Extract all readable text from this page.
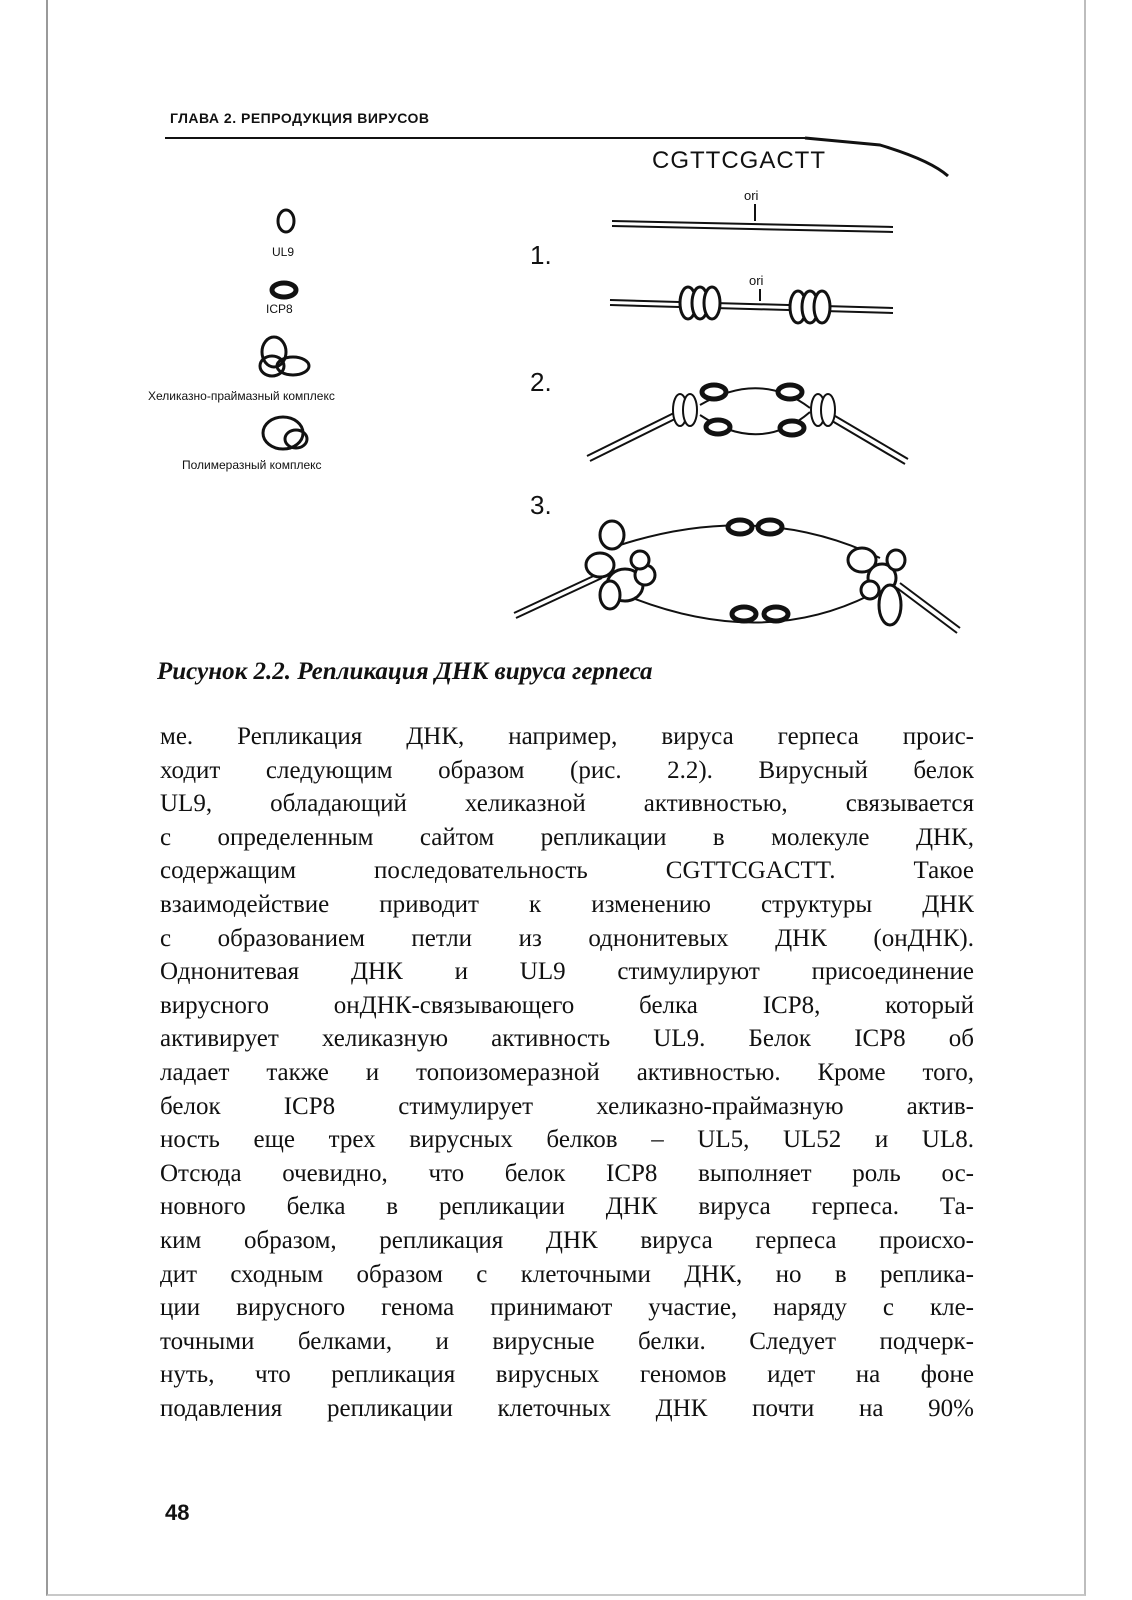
ГЛАВА 2. РЕПРОДУКЦИЯ ВИРУСОВ
CGTTCGACTT
ori
ori
1.
2.
3.
UL9
ICP8
Хеликазно-праймазный комплекс
Полимеразный комплекс
Рисунок 2.2. Репликация ДНК вируса герпеса
ме. Репликация ДНК, например, вируса герпеса проис-
ходит следующим образом (рис. 2.2). Вирусный белок
UL9, обладающий хеликазной активностью, связывается
с определенным сайтом репликации в молекуле ДНК,
содержащим последовательность CGTTCGACTT. Такое
взаимодействие приводит к изменению структуры ДНК
с образованием петли из однонитевых ДНК (онДНК).
Однонитевая ДНК и UL9 стимулируют присоединение
вирусного онДНК-связывающего белка ICP8, который
активирует хеликазную активность UL9. Белок ICP8 об
ладает также и топоизомеразной активностью. Кроме того,
белок ICP8 стимулирует хеликазно-праймазную актив-
ность еще трех вирусных белков – UL5, UL52 и UL8.
Отсюда очевидно, что белок ICP8 выполняет роль ос-
новного белка в репликации ДНК вируса герпеса. Та-
ким образом, репликация ДНК вируса герпеса происхо-
дит сходным образом с клеточными ДНК, но в реплика-
ции вирусного генома принимают участие, наряду с кле-
точными белками, и вирусные белки. Следует подчерк-
нуть, что репликация вирусных геномов идет на фоне
подавления репликации клеточных ДНК почти на 90%
48
